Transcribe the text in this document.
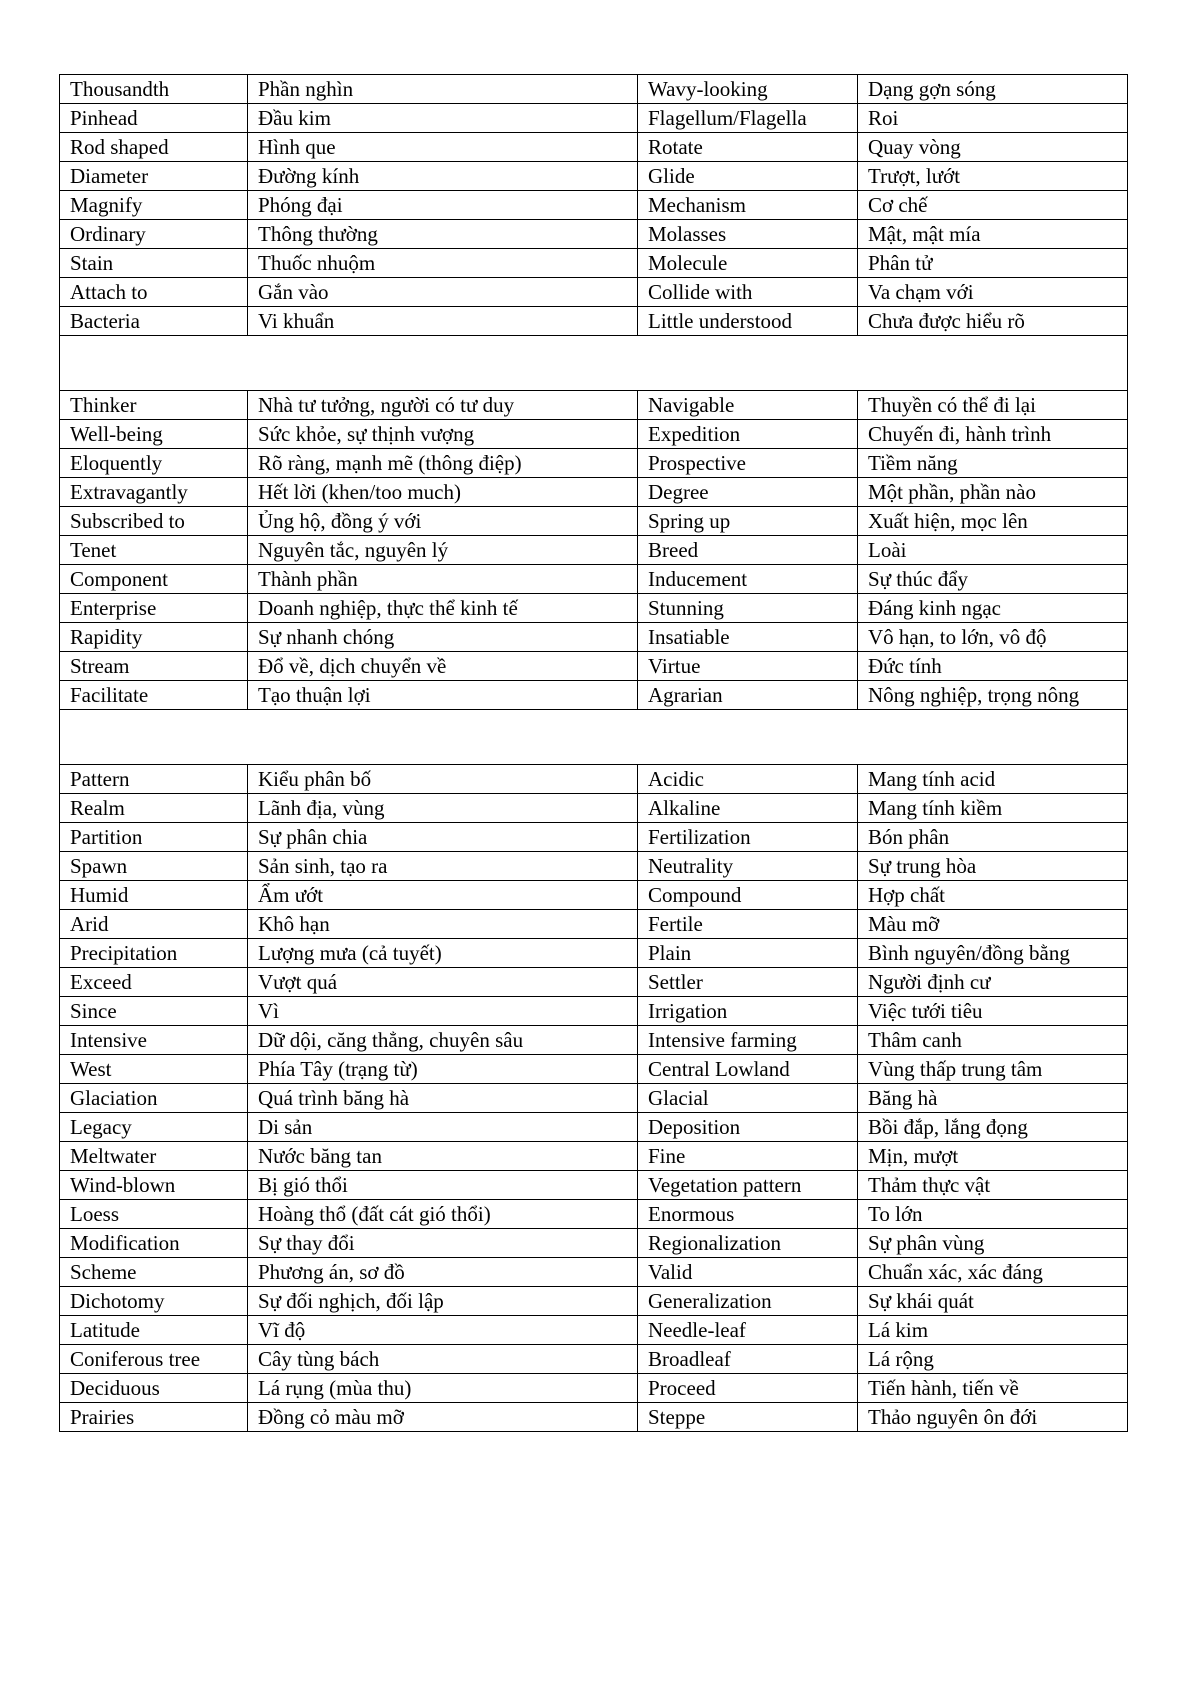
Thousandth	Phần nghìn	Wavy-looking	Dạng gợn sóng
Pinhead	Đầu kim	Flagellum/Flagella	Roi
Rod shaped	Hình que	Rotate	Quay vòng
Diameter	Đường kính	Glide	Trượt, lướt
Magnify	Phóng đại	Mechanism	Cơ chế
Ordinary	Thông thường	Molasses	Mật, mật mía
Stain	Thuốc nhuộm	Molecule	Phân tử
Attach to	Gắn vào	Collide with	Va chạm với
Bacteria	Vi khuẩn	Little understood	Chưa được hiểu rõ

Thinker	Nhà tư tưởng, người có tư duy	Navigable	Thuyền có thể đi lại
Well-being	Sức khỏe, sự thịnh vượng	Expedition	Chuyến đi, hành trình
Eloquently	Rõ ràng, mạnh mẽ (thông điệp)	Prospective	Tiềm năng
Extravagantly	Hết lời (khen/too much)	Degree	Một phần, phần nào
Subscribed to	Ủng hộ, đồng ý với	Spring up	Xuất hiện, mọc lên
Tenet	Nguyên tắc, nguyên lý	Breed	Loài
Component	Thành phần	Inducement	Sự thúc đẩy
Enterprise	Doanh nghiệp, thực thể kinh tế	Stunning	Đáng kinh ngạc
Rapidity	Sự nhanh chóng	Insatiable	Vô hạn, to lớn, vô độ
Stream	Đổ về, dịch chuyển về	Virtue	Đức tính
Facilitate	Tạo thuận lợi	Agrarian	Nông nghiệp, trọng nông

Pattern	Kiểu phân bố	Acidic	Mang tính acid
Realm	Lãnh địa, vùng	Alkaline	Mang tính kiềm
Partition	Sự phân chia	Fertilization	Bón phân
Spawn	Sản sinh, tạo ra	Neutrality	Sự trung hòa
Humid	Ẩm ướt	Compound	Hợp chất
Arid	Khô hạn	Fertile	Màu mỡ
Precipitation	Lượng mưa (cả tuyết)	Plain	Bình nguyên/đồng bằng
Exceed	Vượt quá	Settler	Người định cư
Since	Vì	Irrigation	Việc tưới tiêu
Intensive	Dữ dội, căng thẳng, chuyên sâu	Intensive farming	Thâm canh
West	Phía Tây (trạng từ)	Central Lowland	Vùng thấp trung tâm
Glaciation	Quá trình băng hà	Glacial	Băng hà
Legacy	Di sản	Deposition	Bồi đắp, lắng đọng
Meltwater	Nước băng tan	Fine	Mịn, mượt
Wind-blown	Bị gió thổi	Vegetation pattern	Thảm thực vật
Loess	Hoàng thổ (đất cát gió thổi)	Enormous	To lớn
Modification	Sự thay đổi	Regionalization	Sự phân vùng
Scheme	Phương án, sơ đồ	Valid	Chuẩn xác, xác đáng
Dichotomy	Sự đối nghịch, đối lập	Generalization	Sự khái quát
Latitude	Vĩ độ	Needle-leaf	Lá kim
Coniferous tree	Cây tùng bách	Broadleaf	Lá rộng
Deciduous	Lá rụng (mùa thu)	Proceed	Tiến hành, tiến về
Prairies	Đồng cỏ màu mỡ	Steppe	Thảo nguyên ôn đới
